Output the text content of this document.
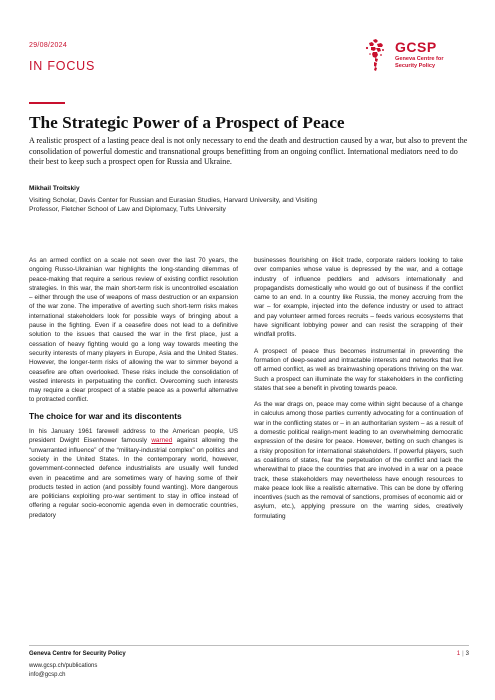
29/08/2024
IN FOCUS
GCSP
Geneva Centre for
Security Policy
The Strategic Power of a Prospect of Peace

A realistic prospect of a lasting peace deal is not only necessary to end the death and destruction caused by a war, but also to prevent the consolidation of powerful domestic and transnational groups benefitting from an ongoing conflict. International mediators need to do their best to keep such a prospect open for Russia and Ukraine.

Mikhail Troitskiy
Visiting Scholar, Davis Center for Russian and Eurasian Studies, Harvard University, and Visiting Professor, Fletcher School of Law and Diplomacy, Tufts University

As an armed conflict on a scale not seen over the last 70 years, the ongoing Russo-Ukrainian war highlights the long-standing dilemmas of peace-making that require a serious review of existing conflict resolution strategies. In this war, the main short-term risk is uncontrolled escalation – either through the use of weapons of mass destruction or an expansion of the war zone. The imperative of averting such short-term risks makes international stakeholders look for possible ways of bringing about a pause in the fighting. Even if a ceasefire does not lead to a definitive solution to the issues that caused the war in the first place, just a cessation of heavy fighting would go a long way towards meeting the security interests of many players in Europe, Asia and the United States. However, the longer-term risks of allowing the war to simmer beyond a ceasefire are often overlooked. These risks include the consolidation of vested interests in perpetuating the conflict. Overcoming such interests may require a clear prospect of a stable peace as a powerful alternative to protracted conflict.

The choice for war and its discontents

In his January 1961 farewell address to the American people, US president Dwight Eisenhower famously warned against allowing the “unwarranted influence” of the “military-industrial complex” on politics and society in the United States. In the contemporary world, however, government-connected defence industrialists are usually well funded even in peacetime and are sometimes wary of having some of their products tested in action (and possibly found wanting). More dangerous are politicians exploiting pro-war sentiment to stay in office instead of offering a regular socio-economic agenda even in democratic countries, predatory

businesses flourishing on illicit trade, corporate raiders looking to take over companies whose value is depressed by the war, and a cottage industry of influence peddlers and advisors internationally and propagandists domestically who would go out of business if the conflict came to an end. In a country like Russia, the money accruing from the war – for example, injected into the defence industry or used to attract and pay volunteer armed forces recruits – feeds various ecosystems that have significant lobbying power and can resist the scrapping of their windfall profits.

A prospect of peace thus becomes instrumental in preventing the formation of deep-seated and intractable interests and networks that live off armed conflict, as well as brainwashing operations thriving on the war. Such a prospect can illuminate the way for stakeholders in the conflicting states that see a benefit in pivoting towards peace.

As the war drags on, peace may come within sight because of a change in calculus among those parties currently advocating for a continuation of war in the conflicting states or – in an authoritarian system – as a result of a domestic political realign-ment leading to an overwhelming democratic expression of the desire for peace. However, betting on such changes is a risky proposition for international stakeholders. If powerful players, such as coalitions of states, fear the perpetuation of the conflict and lack the wherewithal to place the countries that are involved in a war on a peace track, these stakeholders may nevertheless have enough resources to make peace look like a realistic alternative. This can be done by offering incentives (such as the removal of sanctions, promises of economic aid or asylum, etc.), applying pressure on the warring sides, creatively formulating

Geneva Centre for Security Policy
www.gcsp.ch/publications
info@gcsp.ch
1 | 3
